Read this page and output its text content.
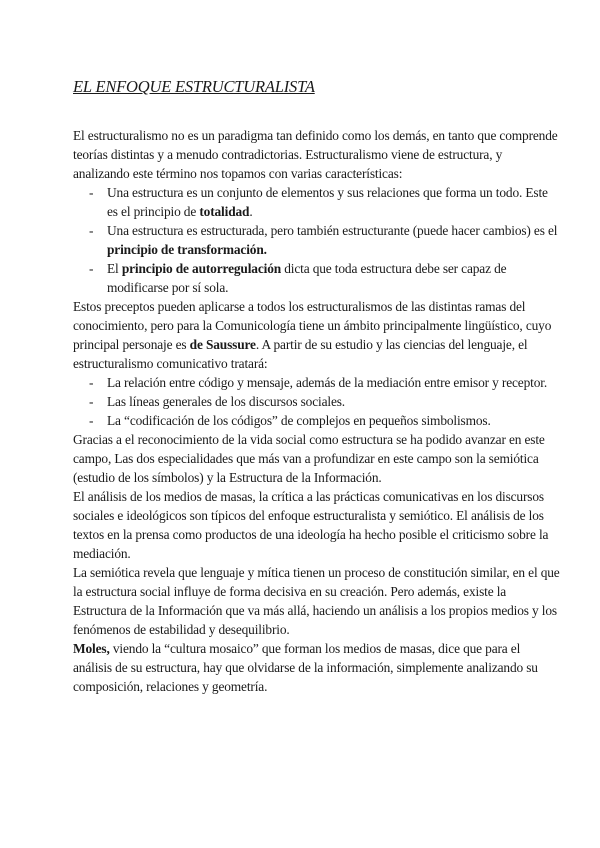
EL ENFOQUE ESTRUCTURALISTA

El estructuralismo no es un paradigma tan definido como los demás, en tanto que comprende teorías distintas y a menudo contradictorias. Estructuralismo viene de estructura, y analizando este término nos topamos con varias características:

- Una estructura es un conjunto de elementos y sus relaciones que forma un todo. Este es el principio de totalidad.
- Una estructura es estructurada, pero también estructurante (puede hacer cambios) es el principio de transformación.
- El principio de autorregulación dicta que toda estructura debe ser capaz de modificarse por sí sola.

Estos preceptos pueden aplicarse a todos los estructuralismos de las distintas ramas del conocimiento, pero para la Comunicología tiene un ámbito principalmente lingüístico, cuyo principal personaje es de Saussure. A partir de su estudio y las ciencias del lenguaje, el estructuralismo comunicativo tratará:

- La relación entre código y mensaje, además de la mediación entre emisor y receptor.
- Las líneas generales de los discursos sociales.
- La “codificación de los códigos” de complejos en pequeños simbolismos.

Gracias a el reconocimiento de la vida social como estructura se ha podido avanzar en este campo, Las dos especialidades que más van a profundizar en este campo son la semiótica (estudio de los símbolos) y la Estructura de la Información.

El análisis de los medios de masas, la crítica a las prácticas comunicativas en los discursos sociales e ideológicos son típicos del enfoque estructuralista y semiótico. El análisis de los textos en la prensa como productos de una ideología ha hecho posible el criticismo sobre la mediación.

La semiótica revela que lenguaje y mítica tienen un proceso de constitución similar, en el que la estructura social influye de forma decisiva en su creación. Pero además, existe la Estructura de la Información que va más allá, haciendo un análisis a los propios medios y los fenómenos de estabilidad y desequilibrio.

Moles, viendo la “cultura mosaico” que forman los medios de masas, dice que para el análisis de su estructura, hay que olvidarse de la información, simplemente analizando su composición, relaciones y geometría.
